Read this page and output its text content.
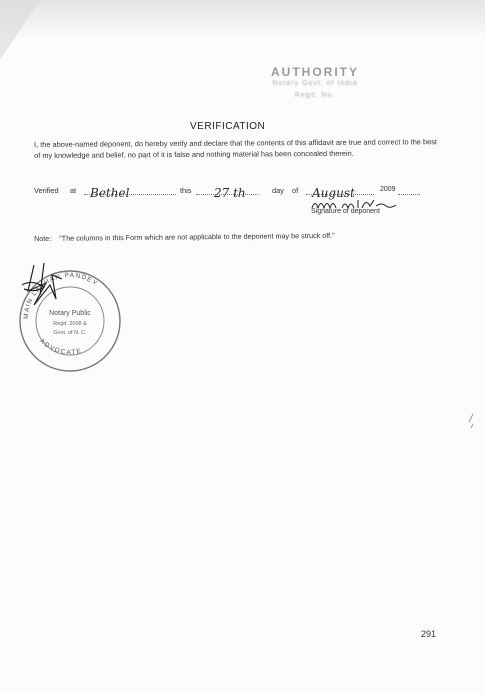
AUTHORITY
Notary Govt. of India
Regd. No.
VERIFICATION
I, the above-named deponent, do hereby verify and declare that the contents of this affidavit are true and correct to the best of my knowledge and belief, no part of it is false and nothing material has been concealed therein.
Verified at Bethel	this 27 th	day of August	2009
Signature of deponent
Note: "The columns in this Form which are not applicable to the deponent may be struck off."
MAIN LAKHAN PANDEY
ADVOCATE
Notary Public
Regd. 2008 &
Govt. of N. C.
291
